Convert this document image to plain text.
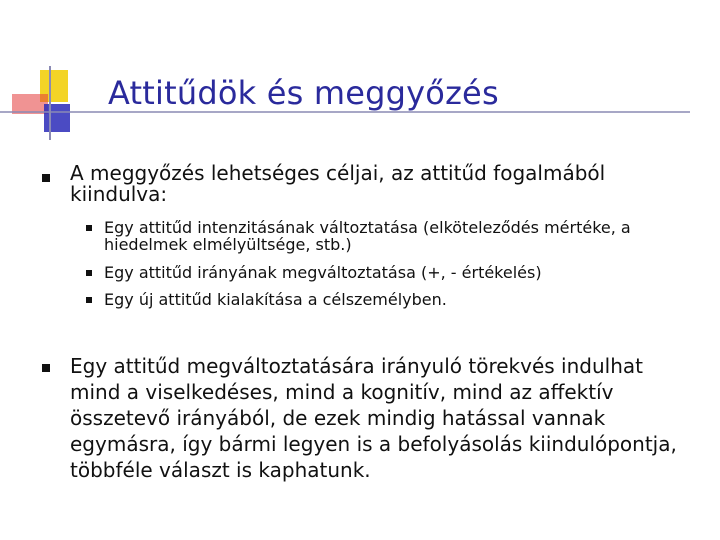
Attitűdök és meggyőzés
A meggyőzés lehetséges céljai, az attitűd fogalmából kiindulva:
Egy attitűd intenzitásának változtatása (elköteleződés mértéke, a hiedelmek elmélyültsége, stb.)
Egy attitűd irányának megváltoztatása (+, - értékelés)
Egy új attitűd kialakítása a célszemélyben.
Egy attitűd megváltoztatására irányuló törekvés indulhat mind a viselkedéses, mind a kognitív, mind az affektív összetevő irányából, de ezek mindig hatással vannak egymásra, így bármi legyen is a befolyásolás kiindulópontja, többféle választ is kaphatunk.
